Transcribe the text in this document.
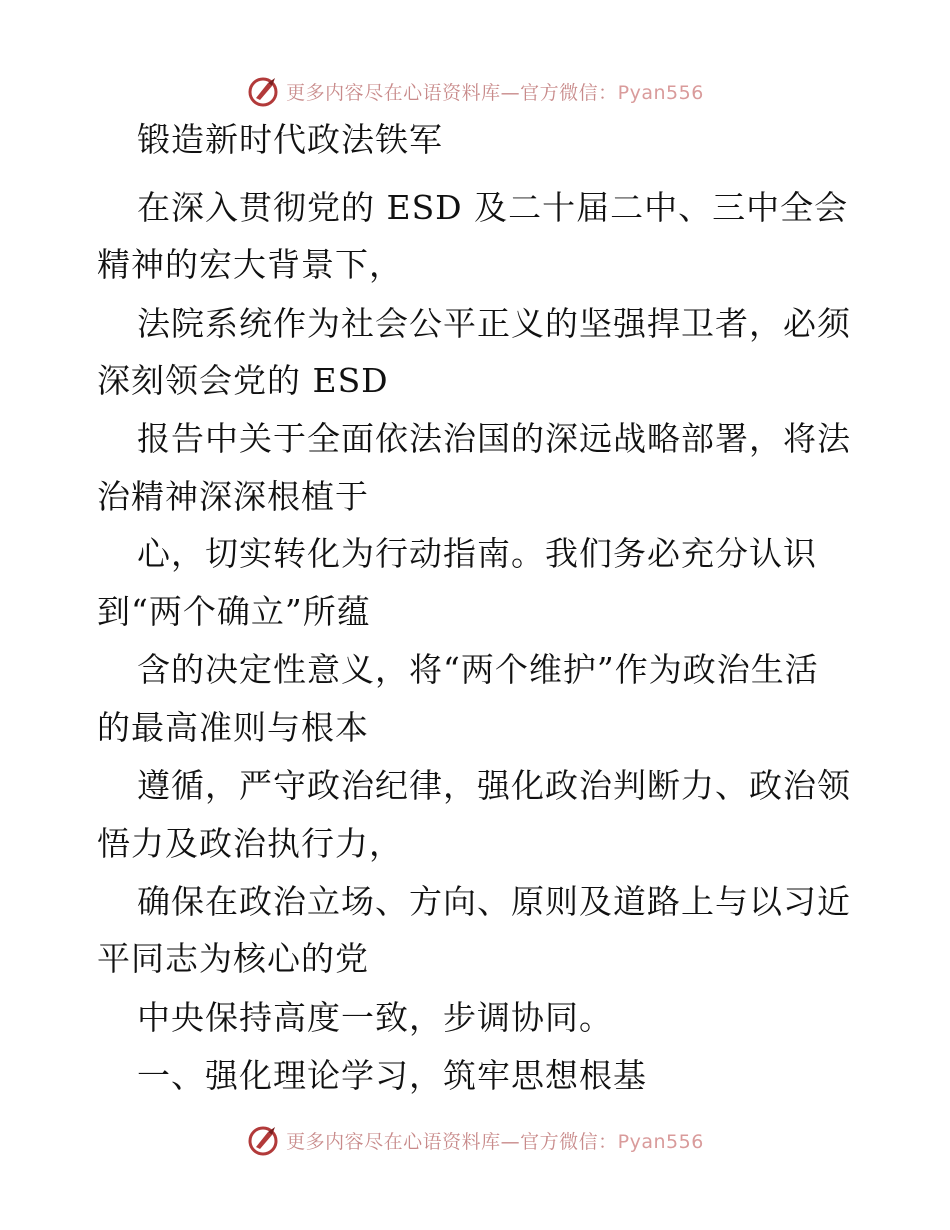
更多内容尽在心语资料库—官方微信：Pyan556
锻造新时代政法铁军
在深入贯彻党的 ESD 及二十届二中、三中全会
精神的宏大背景下，
法院系统作为社会公平正义的坚强捍卫者，必须
深刻领会党的 ESD
报告中关于全面依法治国的深远战略部署，将法
治精神深深根植于
心，切实转化为行动指南。我们务必充分认识
到“两个确立”所蕴
含的决定性意义，将“两个维护”作为政治生活
的最高准则与根本
遵循，严守政治纪律，强化政治判断力、政治领
悟力及政治执行力，
确保在政治立场、方向、原则及道路上与以习近
平同志为核心的党
中央保持高度一致，步调协同。
一、强化理论学习，筑牢思想根基
更多内容尽在心语资料库—官方微信：Pyan556
